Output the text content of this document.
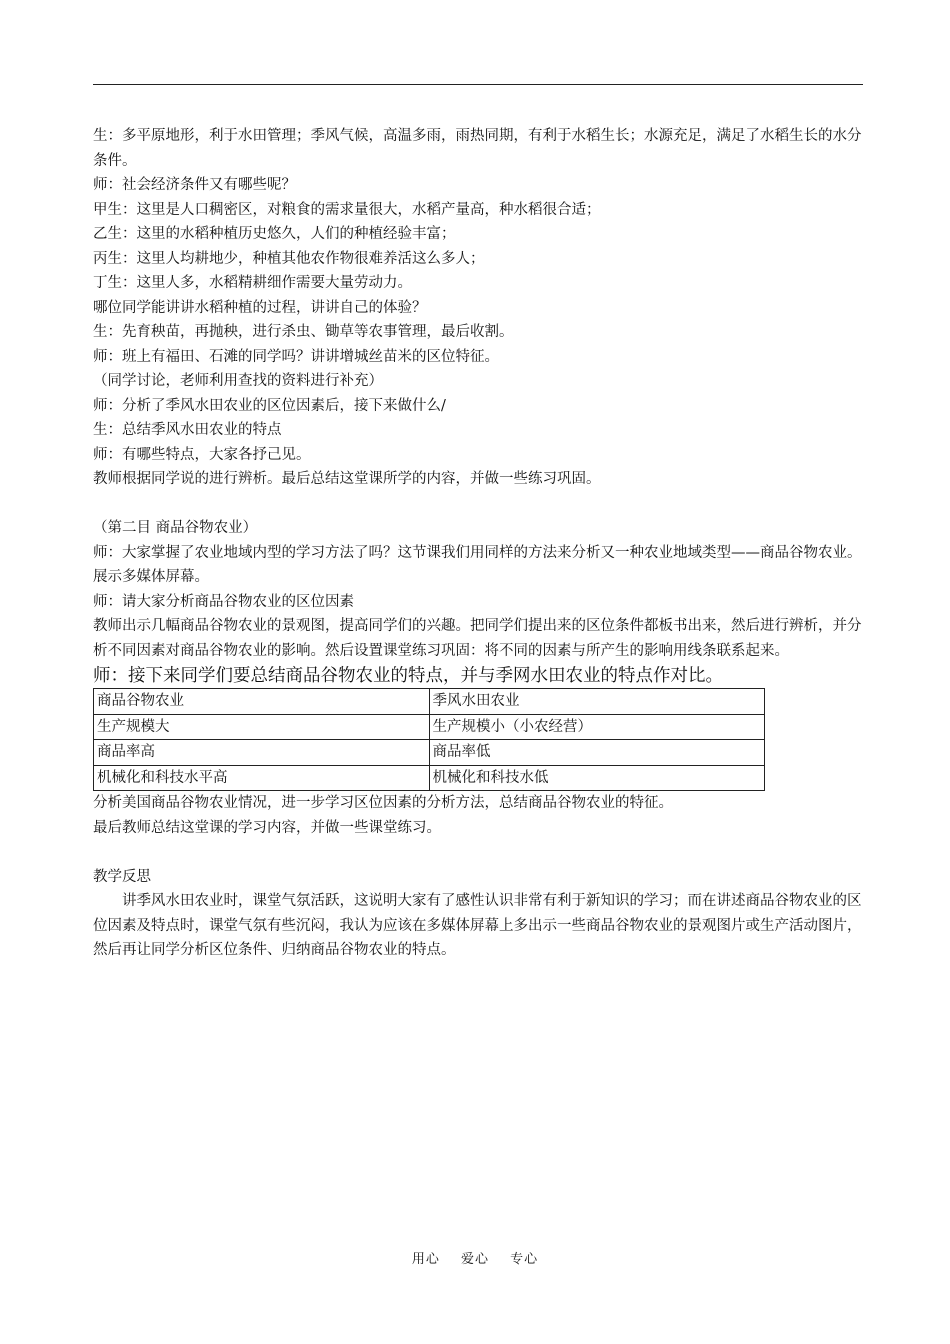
生：多平原地形，利于水田管理；季风气候，高温多雨，雨热同期，有利于水稻生长；水源充足，满足了水稻生长的水分条件。

师：社会经济条件又有哪些呢？

甲生：这里是人口稠密区，对粮食的需求量很大，水稻产量高，种水稻很合适；

乙生：这里的水稻种植历史悠久，人们的种植经验丰富；

丙生：这里人均耕地少，种植其他农作物很难养活这么多人；

丁生：这里人多，水稻精耕细作需要大量劳动力。

哪位同学能讲讲水稻种植的过程，讲讲自己的体验？

生：先育秧苗，再抛秧，进行杀虫、锄草等农事管理，最后收割。

师：班上有福田、石滩的同学吗？讲讲增城丝苗米的区位特征。

（同学讨论，老师利用查找的资料进行补充）

师：分析了季风水田农业的区位因素后，接下来做什么/

生：总结季风水田农业的特点

师：有哪些特点，大家各抒己见。

教师根据同学说的进行辨析。最后总结这堂课所学的内容，并做一些练习巩固。

（第二目 商品谷物农业）

师：大家掌握了农业地域内型的学习方法了吗？这节课我们用同样的方法来分析又一种农业地域类型——商品谷物农业。

展示多媒体屏幕。

师：请大家分析商品谷物农业的区位因素

教师出示几幅商品谷物农业的景观图，提高同学们的兴趣。把同学们提出来的区位条件都板书出来，然后进行辨析，并分析不同因素对商品谷物农业的影响。然后设置课堂练习巩固：将不同的因素与所产生的影响用线条联系起来。

师：接下来同学们要总结商品谷物农业的特点，并与季网水田农业的特点作对比。

商品谷物农业	季风水田农业
生产规模大	生产规模小（小农经营）
商品率高	商品率低
机械化和科技水平高	机械化和科技水低

分析美国商品谷物农业情况，进一步学习区位因素的分析方法，总结商品谷物农业的特征。

最后教师总结这堂课的学习内容，并做一些课堂练习。

教学反思

讲季风水田农业时，课堂气氛活跃，这说明大家有了感性认识非常有利于新知识的学习；而在讲述商品谷物农业的区位因素及特点时，课堂气氛有些沉闷，我认为应该在多媒体屏幕上多出示一些商品谷物农业的景观图片或生产活动图片，然后再让同学分析区位条件、归纳商品谷物农业的特点。

用心 爱心 专心
